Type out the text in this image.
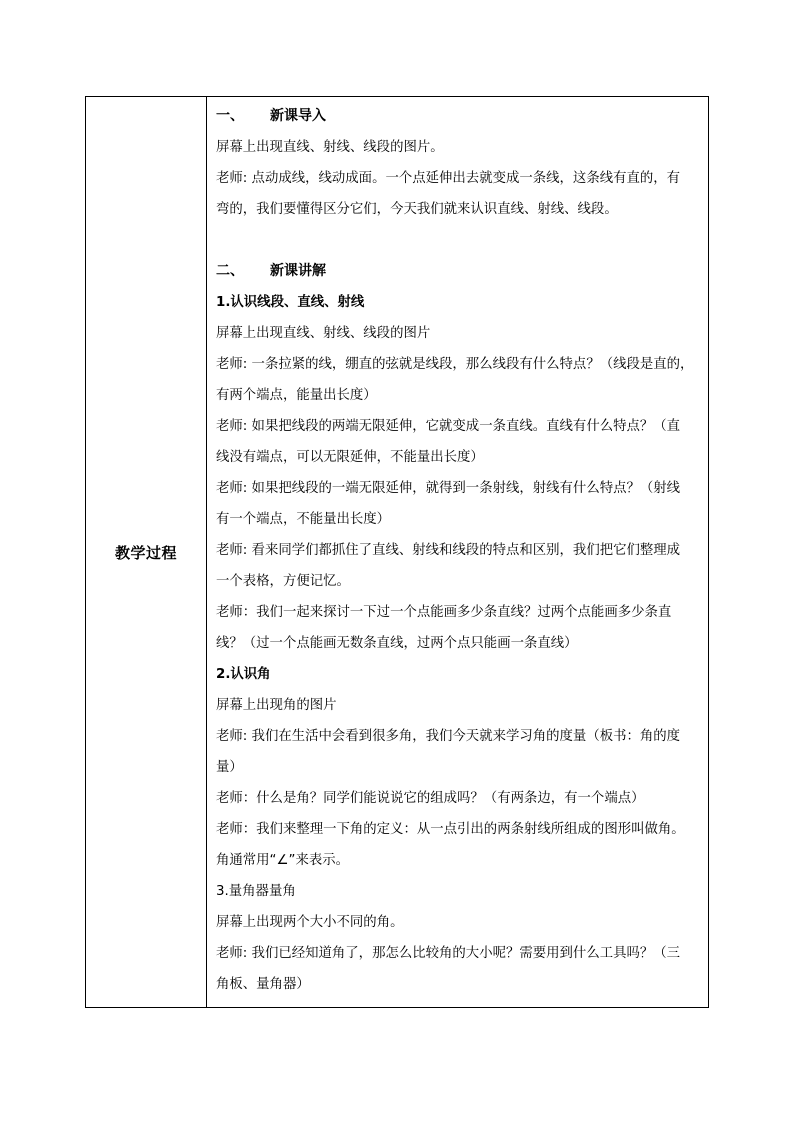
教学过程

一、 新课导入

屏幕上出现直线、射线、线段的图片。

老师: 点动成线，线动成面。一个点延伸出去就变成一条线，这条线有直的，有

弯的，我们要懂得区分它们，今天我们就来认识直线、射线、线段。

二、 新课讲解

1.认识线段、直线、射线

屏幕上出现直线、射线、线段的图片

老师: 一条拉紧的线，绷直的弦就是线段，那么线段有什么特点？（线段是直的，

有两个端点，能量出长度）

老师: 如果把线段的两端无限延伸，它就变成一条直线。直线有什么特点？（直

线没有端点，可以无限延伸，不能量出长度）

老师: 如果把线段的一端无限延伸，就得到一条射线，射线有什么特点？（射线

有一个端点，不能量出长度）

老师: 看来同学们都抓住了直线、射线和线段的特点和区别，我们把它们整理成

一个表格，方便记忆。

老师：我们一起来探讨一下过一个点能画多少条直线？过两个点能画多少条直

线？（过一个点能画无数条直线，过两个点只能画一条直线）

2.认识角

屏幕上出现角的图片

老师: 我们在生活中会看到很多角，我们今天就来学习角的度量（板书：角的度

量）

老师：什么是角？同学们能说说它的组成吗？（有两条边，有一个端点）

老师：我们来整理一下角的定义：从一点引出的两条射线所组成的图形叫做角。

角通常用“∠”来表示。

3.量角器量角

屏幕上出现两个大小不同的角。

老师: 我们已经知道角了，那怎么比较角的大小呢？需要用到什么工具吗？（三

角板、量角器）
